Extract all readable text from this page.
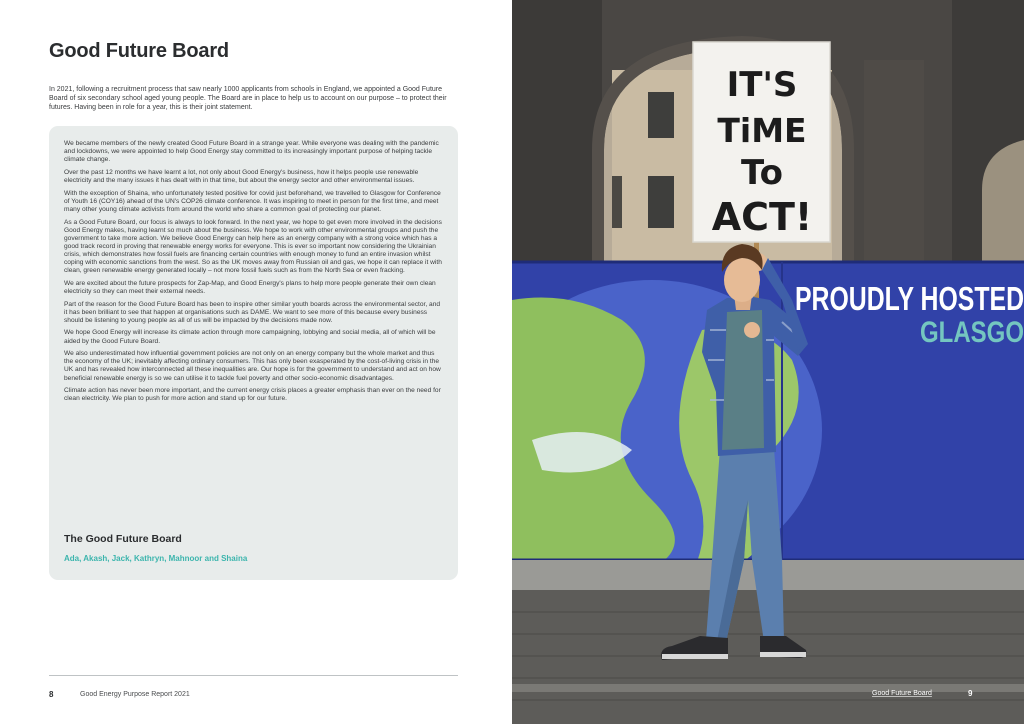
Good Future Board

In 2021, following a recruitment process that saw nearly 1000 applicants from schools in England, we appointed a Good Future Board of six secondary school aged young people. The Board are in place to help us to account on our purpose – to protect their futures. Having been in role for a year, this is their joint statement.

We became members of the newly created Good Future Board in a strange year. While everyone was dealing with the pandemic and lockdowns, we were appointed to help Good Energy stay committed to its increasingly important purpose of helping tackle climate change.

Over the past 12 months we have learnt a lot, not only about Good Energy's business, how it helps people use renewable electricity and the many issues it has dealt with in that time, but about the energy sector and other environmental issues.

With the exception of Shaina, who unfortunately tested positive for covid just beforehand, we travelled to Glasgow for Conference of Youth 16 (COY16) ahead of the UN's COP26 climate conference. It was inspiring to meet in person for the first time, and meet many other young climate activists from around the world who share a common goal of protecting our planet.

As a Good Future Board, our focus is always to look forward. In the next year, we hope to get even more involved in the decisions Good Energy makes, having learnt so much about the business. We hope to work with other environmental groups and push the government to take more action. We believe Good Energy can help here as an energy company with a strong voice which has a good track record in proving that renewable energy works for everyone. This is ever so important now considering the Ukrainian crisis, which demonstrates how fossil fuels are financing certain countries with enough money to fund an entire invasion whilst coping with economic sanctions from the west. So as the UK moves away from Russian oil and gas, we hope it can replace it with clean, green renewable energy generated locally – not more fossil fuels such as from the North Sea or even fracking.

We are excited about the future prospects for Zap-Map, and Good Energy's plans to help more people generate their own clean electricity so they can meet their external needs.

Part of the reason for the Good Future Board has been to inspire other similar youth boards across the environmental sector, and it has been brilliant to see that happen at organisations such as DAME. We want to see more of this because every business should be listening to young people as all of us will be impacted by the decisions made now.

We hope Good Energy will increase its climate action through more campaigning, lobbying and social media, all of which will be aided by the Good Future Board.

We also underestimated how influential government policies are not only on an energy company but the whole market and thus the economy of the UK; inevitably affecting ordinary consumers. This has only been exasperated by the cost-of-living crisis in the UK and has revealed how interconnected all these inequalities are. Our hope is for the government to understand and act on how beneficial renewable energy is so we can utilise it to tackle fuel poverty and other socio-economic disadvantages.

Climate action has never been more important, and the current energy crisis places a greater emphasis than ever on the need for clean electricity. We plan to push for more action and stand up for our future.

The Good Future Board

Ada, Akash, Jack, Kathryn, Mahnoor and Shaina

8	Good Energy Purpose Report 2021
PROUDLY HOSTED
GLASGO
IT'S
TiME
To
ACT!
Good Future Board	9
